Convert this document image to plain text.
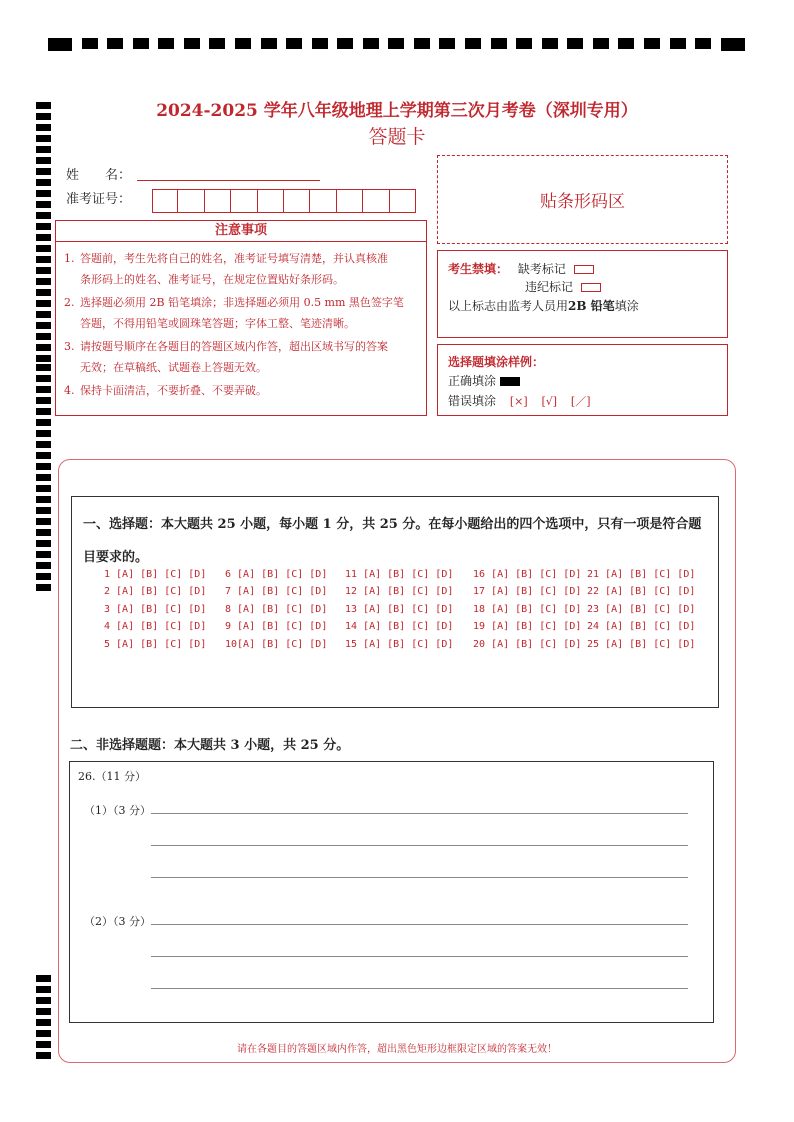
2024-2025 学年八年级地理上学期第三次月考卷（深圳专用）
答题卡
姓　　名：
准考证号：	贴条形码区
注意事项
1. 答题前，考生先将自己的姓名，准考证号填写清楚，并认真核准
条形码上的姓名、准考证号，在规定位置贴好条形码。
2. 选择题必须用 2B 铅笔填涂；非选择题必须用 0.5 mm 黑色签字笔
答题，不得用铅笔或圆珠笔答题；字体工整、笔迹清晰。
3. 请按题号顺序在各题目的答题区域内作答，超出区域书写的答案
无效；在草稿纸、试题卷上答题无效。
4. 保持卡面清洁，不要折叠、不要弄破。
考生禁填： 缺考标记
违纪标记
以上标志由监考人员用2B 铅笔填涂
选择题填涂样例：
正确填涂
错误填涂 [×] [√] [／]
一、选择题：本大题共 25 小题，每小题 1 分，共 25 分。在每小题给出的四个选项中，只有一项是符合题目要求的。
1 [A] [B] [C] [D]
2 [A] [B] [C] [D]
3 [A] [B] [C] [D]
4 [A] [B] [C] [D]
5 [A] [B] [C] [D]
6 [A] [B] [C] [D]
7 [A] [B] [C] [D]
8 [A] [B] [C] [D]
9 [A] [B] [C] [D]
10[A] [B] [C] [D]
11 [A] [B] [C] [D]
12 [A] [B] [C] [D]
13 [A] [B] [C] [D]
14 [A] [B] [C] [D]
15 [A] [B] [C] [D]
16 [A] [B] [C] [D]
17 [A] [B] [C] [D]
18 [A] [B] [C] [D]
19 [A] [B] [C] [D]
20 [A] [B] [C] [D]
21 [A] [B] [C] [D]
22 [A] [B] [C] [D]
23 [A] [B] [C] [D]
24 [A] [B] [C] [D]
25 [A] [B] [C] [D]
二、非选择题题：本大题共 3 小题，共 25 分。
26.（11 分）
（1）（3 分）
（2）（3 分）
请在各题目的答题区域内作答，超出黑色矩形边框限定区域的答案无效！
